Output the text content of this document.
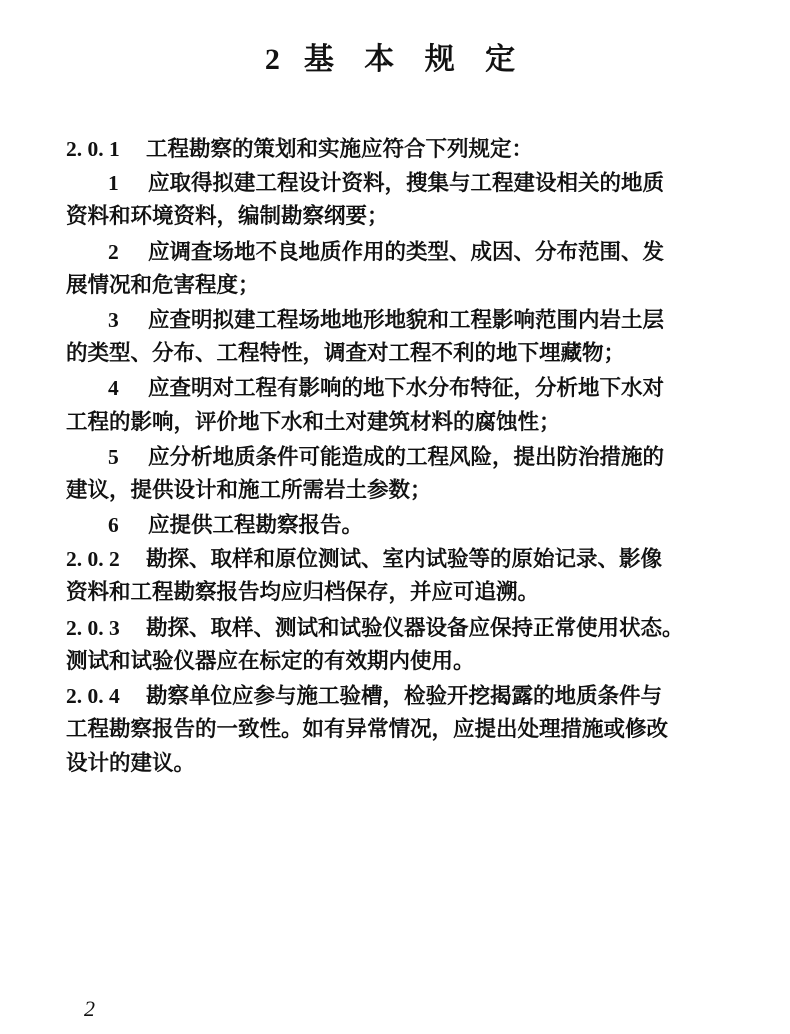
2 基 本 规 定
2. 0. 1 工程勘察的策划和实施应符合下列规定：
1 应取得拟建工程设计资料，搜集与工程建设相关的地质
资料和环境资料，编制勘察纲要；
2 应调查场地不良地质作用的类型、成因、分布范围、发
展情况和危害程度；
3 应查明拟建工程场地地形地貌和工程影响范围内岩土层
的类型、分布、工程特性，调查对工程不利的地下埋藏物；
4 应查明对工程有影响的地下水分布特征，分析地下水对
工程的影响，评价地下水和土对建筑材料的腐蚀性；
5 应分析地质条件可能造成的工程风险，提出防治措施的
建议，提供设计和施工所需岩土参数；
6 应提供工程勘察报告。
2. 0. 2 勘探、取样和原位测试、室内试验等的原始记录、影像
资料和工程勘察报告均应归档保存，并应可追溯。
2. 0. 3 勘探、取样、测试和试验仪器设备应保持正常使用状态。
测试和试验仪器应在标定的有效期内使用。
2. 0. 4 勘察单位应参与施工验槽，检验开挖揭露的地质条件与
工程勘察报告的一致性。如有异常情况，应提出处理措施或修改
设计的建议。
2
